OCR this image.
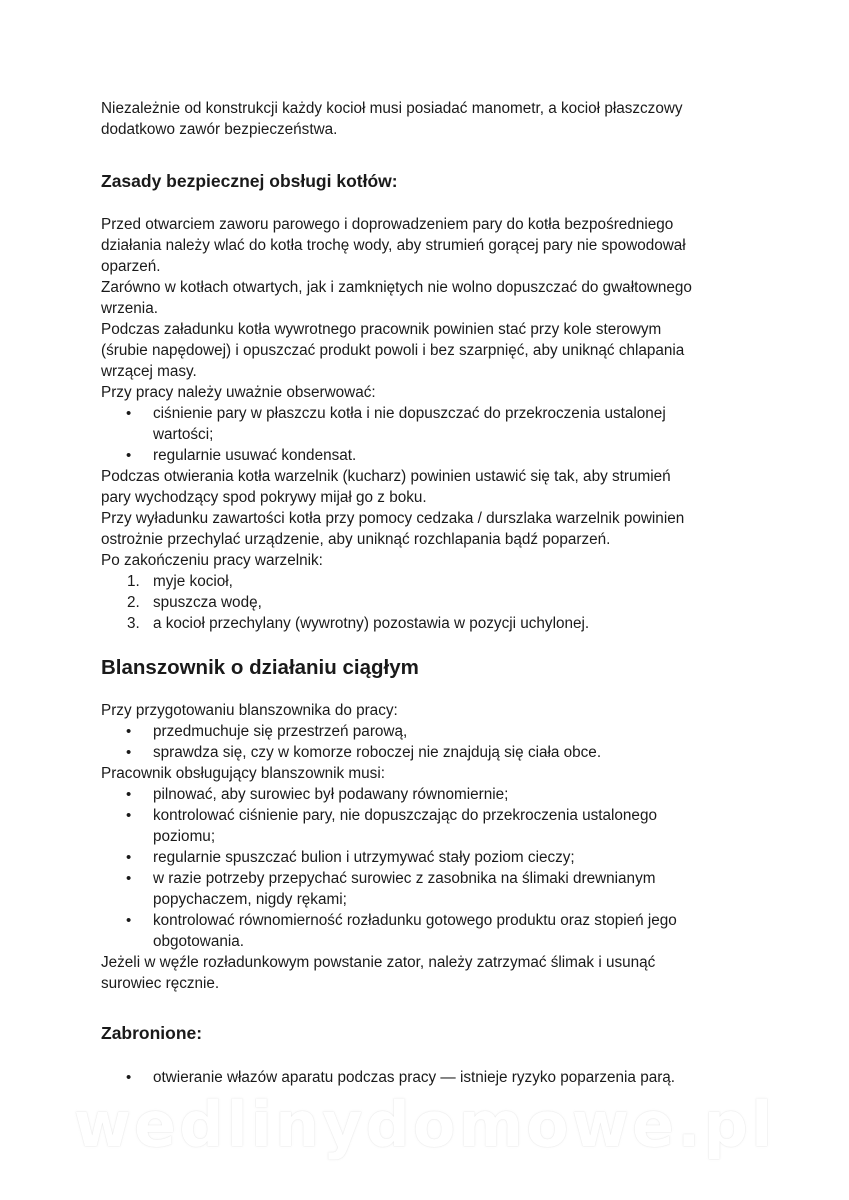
Niezależnie od konstrukcji każdy kocioł musi posiadać manometr, a kocioł płaszczowy
dodatkowo zawór bezpieczeństwa.

Zasady bezpiecznej obsługi kotłów:

Przed otwarciem zaworu parowego i doprowadzeniem pary do kotła bezpośredniego
działania należy wlać do kotła trochę wody, aby strumień gorącej pary nie spowodował
oparzeń.

Zarówno w kotłach otwartych, jak i zamkniętych nie wolno dopuszczać do gwałtownego
wrzenia.

Podczas załadunku kotła wywrotnego pracownik powinien stać przy kole sterowym
(śrubie napędowej) i opuszczać produkt powoli i bez szarpnięć, aby uniknąć chlapania
wrzącej masy.

Przy pracy należy uważnie obserwować:

• ciśnienie pary w płaszczu kotła i nie dopuszczać do przekroczenia ustalonej
wartości;
• regularnie usuwać kondensat.

Podczas otwierania kotła warzelnik (kucharz) powinien ustawić się tak, aby strumień
pary wychodzący spod pokrywy mijał go z boku.

Przy wyładunku zawartości kotła przy pomocy cedzaka / durszlaka warzelnik powinien
ostrożnie przechylać urządzenie, aby uniknąć rozchlapania bądź poparzeń.

Po zakończeniu pracy warzelnik:

1. myje kocioł,
2. spuszcza wodę,
3. a kocioł przechylany (wywrotny) pozostawia w pozycji uchylonej.
Blanszownik o działaniu ciągłym

Przy przygotowaniu blanszownika do pracy:

• przedmuchuje się przestrzeń parową,
• sprawdza się, czy w komorze roboczej nie znajdują się ciała obce.

Pracownik obsługujący blanszownik musi:

• pilnować, aby surowiec był podawany równomiernie;
• kontrolować ciśnienie pary, nie dopuszczając do przekroczenia ustalonego
poziomu;
• regularnie spuszczać bulion i utrzymywać stały poziom cieczy;
• w razie potrzeby przepychać surowiec z zasobnika na ślimaki drewnianym
popychaczem, nigdy rękami;
• kontrolować równomierność rozładunku gotowego produktu oraz stopień jego
obgotowania.

Jeżeli w węźle rozładunkowym powstanie zator, należy zatrzymać ślimak i usunąć
surowiec ręcznie.

Zabronione:
• otwieranie włazów aparatu podczas pracy — istnieje ryzyko poparzenia parą.
wedlinydomowe.pl
